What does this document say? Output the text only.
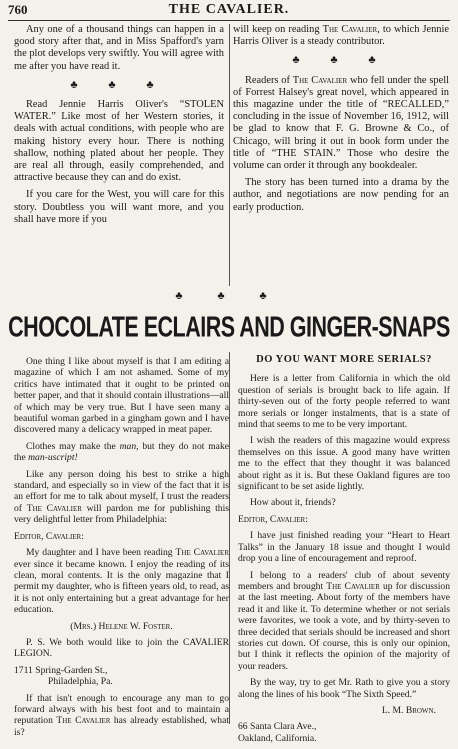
760	THE CAVALIER.

Any one of a thousand things can happen in a good story after that, and in Miss Spafford's yarn the plot develops very swiftly. You will agree with me after you have read it.

♣ ♣ ♣

Read Jennie Harris Oliver's “STOLEN WATER.” Like most of her Western stories, it deals with actual conditions, with people who are making history every hour. There is nothing shallow, nothing plated about her people. They are real all through, easily comprehended, and attractive because they can and do exist.

If you care for the West, you will care for this story. Doubtless you will want more, and you shall have more if you

will keep on reading The Cavalier, to which Jennie Harris Oliver is a steady contributor.

♣ ♣ ♣

Readers of The Cavalier who fell under the spell of Forrest Halsey's great novel, which appeared in this magazine under the title of “RECALLED,” concluding in the issue of November 16, 1912, will be glad to know that F. G. Browne & Co., of Chicago, will bring it out in book form under the title of “THE STAIN.” Those who desire the volume can order it through any bookdealer.

The story has been turned into a drama by the author, and negotiations are now pending for an early production.

♣ ♣ ♣
CHOCOLATE ECLAIRS AND GINGER-SNAPS

One thing I like about myself is that I am editing a magazine of which I am not ashamed. Some of my critics have intimated that it ought to be printed on better paper, and that it should contain illustrations—all of which may be very true. But I have seen many a beautiful woman garbed in a gingham gown and I have discovered many a delicacy wrapped in meat paper.

Clothes may make the man, but they do not make the man-uscript!

Like any person doing his best to strike a high standard, and especially so in view of the fact that it is an effort for me to talk about myself, I trust the readers of The Cavalier will pardon me for publishing this very delightful letter from Philadelphia:

Editor, Cavalier:

My daughter and I have been reading The Cavalier ever since it became known. I enjoy the reading of its clean, moral contents. It is the only magazine that I permit my daughter, who is fifteen years old, to read, as it is not only entertaining but a great advantage for her education.

(Mrs.) Helene W. Foster.

P. S. We both would like to join the CAVALIER LEGION.

1711 Spring-Garden St.,

Philadelphia, Pa.

If that isn't enough to encourage any man to go forward always with his best foot and to maintain a reputation The Cavalier has already established, what is?

DO YOU WANT MORE SERIALS?

Here is a letter from California in which the old question of serials is brought back to life again. If thirty-seven out of the forty people referred to want more serials or longer instalments, that is a state of mind that seems to me to be very important.

I wish the readers of this magazine would express themselves on this issue. A good many have written me to the effect that they thought it was balanced about right as it is. But these Oakland figures are too significant to be set aside lightly.

How about it, friends?

Editor, Cavalier:

I have just finished reading your “Heart to Heart Talks” in the January 18 issue and thought I would drop you a line of encouragement and reproof.

I belong to a readers' club of about seventy members and brought The Cavalier up for discussion at the last meeting. About forty of the members have read it and like it. To determine whether or not serials were favorites, we took a vote, and by thirty-seven to three decided that serials should be increased and short stories cut down. Of course, this is only our opinion, but I think it reflects the opinion of the majority of your readers.

By the way, try to get Mr. Rath to give you a story along the lines of his book “The Sixth Speed.”

L. M. Brown.

66 Santa Clara Ave.,

Oakland, California.
